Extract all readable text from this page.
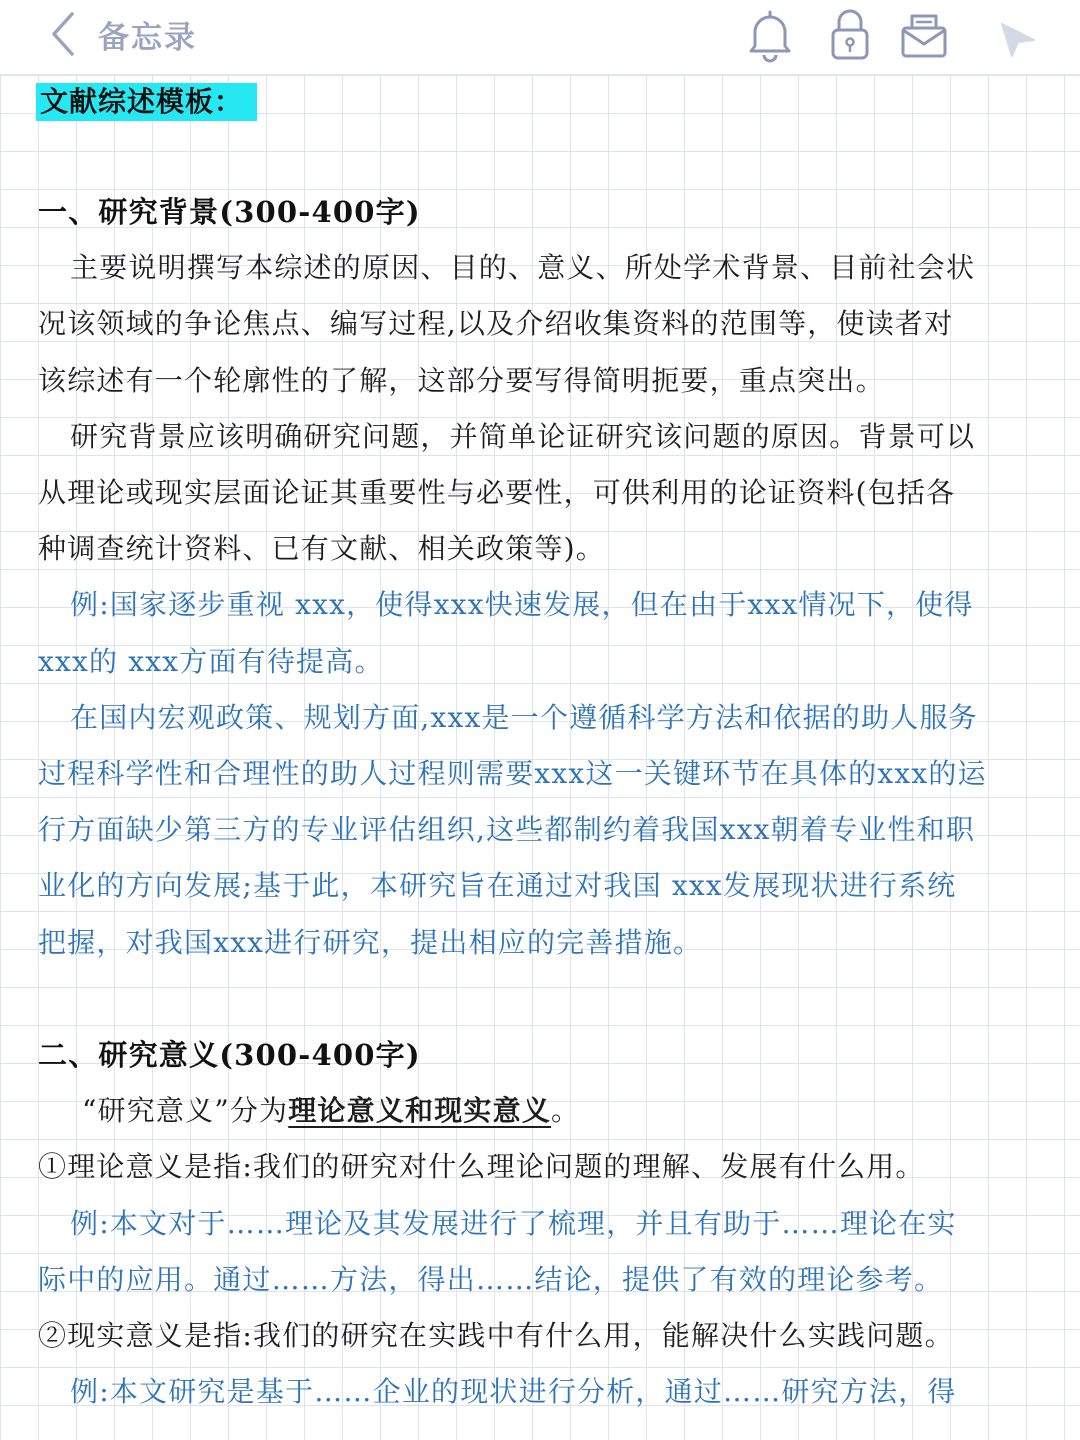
备忘录
文献综述模板：

一、研究背景(300-400字)

主要说明撰写本综述的原因、目的、意义、所处学术背景、目前社会状

况该领域的争论焦点、编写过程,以及介绍收集资料的范围等，使读者对

该综述有一个轮廓性的了解，这部分要写得简明扼要，重点突出。

研究背景应该明确研究问题，并简单论证研究该问题的原因。背景可以

从理论或现实层面论证其重要性与必要性，可供利用的论证资料(包括各

种调查统计资料、已有文献、相关政策等)。

例:国家逐步重视 xxx，使得xxx快速发展，但在由于xxx情况下，使得

xxx的 xxx方面有待提高。

在国内宏观政策、规划方面,xxx是一个遵循科学方法和依据的助人服务

过程科学性和合理性的助人过程则需要xxx这一关键环节在具体的xxx的运

行方面缺少第三方的专业评估组织,这些都制约着我国xxx朝着专业性和职

业化的方向发展;基于此，本研究旨在通过对我国 xxx发展现状进行系统

把握，对我国xxx进行研究，提出相应的完善措施。

二、研究意义(300-400字)

“研究意义”分为理论意义和现实意义。

①理论意义是指:我们的研究对什么理论问题的理解、发展有什么用。

例:本文对于……理论及其发展进行了梳理，并且有助于……理论在实

际中的应用。通过……方法，得出……结论，提供了有效的理论参考。

②现实意义是指:我们的研究在实践中有什么用，能解决什么实践问题。

例:本文研究是基于……企业的现状进行分析，通过……研究方法，得
